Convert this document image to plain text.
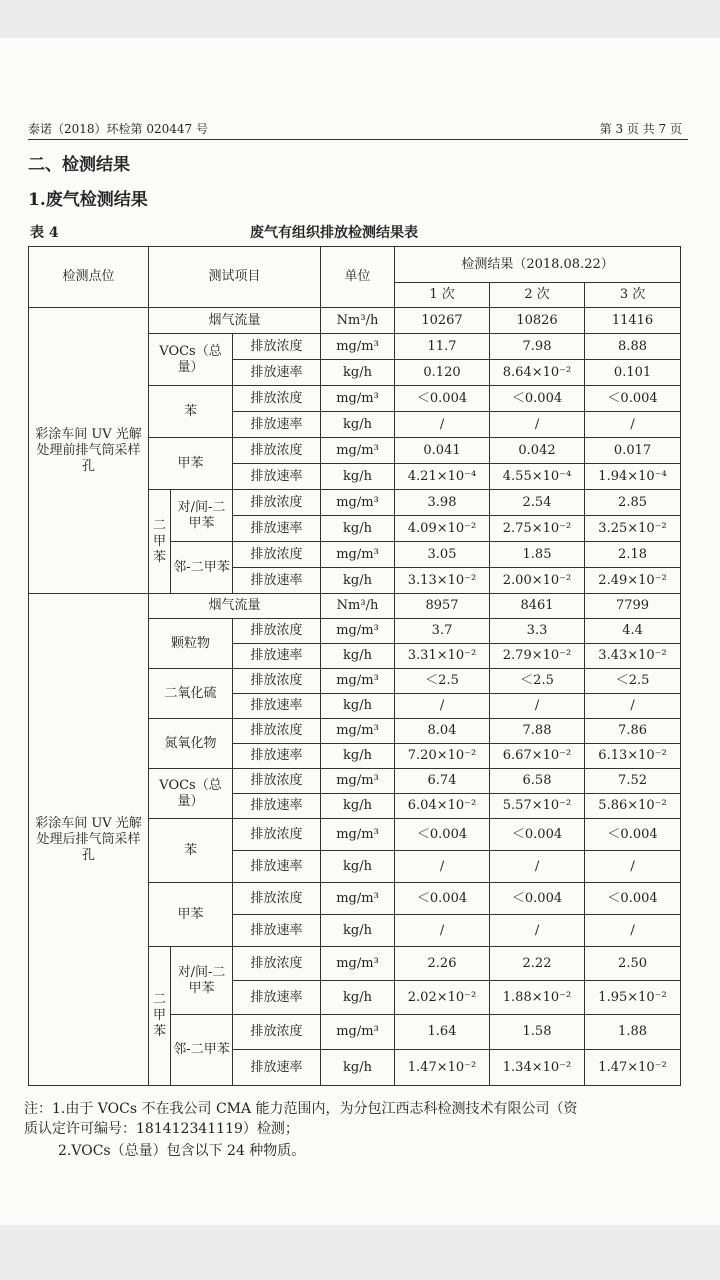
泰诺（2018）环检第 020447 号	第 3 页 共 7 页
二、检测结果
1.废气检测结果
表 4	废气有组织排放检测结果表
检测点位	测试项目			单位	检测结果（2018.08.22）		
					1 次	2 次	3 次
彩涂车间 UV 光解处理前排气筒采样孔	烟气流量			Nm³/h	10267	10826	11416
	VOCs（总量）		排放浓度	mg/m³	11.7	7.98	8.88
			排放速率	kg/h	0.120	8.64×10⁻²	0.101
	苯		排放浓度	mg/m³	＜0.004	＜0.004	＜0.004
			排放速率	kg/h	/	/	/
	甲苯		排放浓度	mg/m³	0.041	0.042	0.017
			排放速率	kg/h	4.21×10⁻⁴	4.55×10⁻⁴	1.94×10⁻⁴
	二甲苯	对/间-二甲苯	排放浓度	mg/m³	3.98	2.54	2.85
			排放速率	kg/h	4.09×10⁻²	2.75×10⁻²	3.25×10⁻²
		邻-二甲苯	排放浓度	mg/m³	3.05	1.85	2.18
			排放速率	kg/h	3.13×10⁻²	2.00×10⁻²	2.49×10⁻²
彩涂车间 UV 光解处理后排气筒采样孔	烟气流量			Nm³/h	8957	8461	7799
	颗粒物		排放浓度	mg/m³	3.7	3.3	4.4
			排放速率	kg/h	3.31×10⁻²	2.79×10⁻²	3.43×10⁻²
	二氧化硫		排放浓度	mg/m³	＜2.5	＜2.5	＜2.5
			排放速率	kg/h	/	/	/
	氮氧化物		排放浓度	mg/m³	8.04	7.88	7.86
			排放速率	kg/h	7.20×10⁻²	6.67×10⁻²	6.13×10⁻²
	VOCs（总量）		排放浓度	mg/m³	6.74	6.58	7.52
			排放速率	kg/h	6.04×10⁻²	5.57×10⁻²	5.86×10⁻²
	苯		排放浓度	mg/m³	＜0.004	＜0.004	＜0.004
			排放速率	kg/h	/	/	/
	甲苯		排放浓度	mg/m³	＜0.004	＜0.004	＜0.004
			排放速率	kg/h	/	/	/
	二甲苯	对/间-二甲苯	排放浓度	mg/m³	2.26	2.22	2.50
			排放速率	kg/h	2.02×10⁻²	1.88×10⁻²	1.95×10⁻²
		邻-二甲苯	排放浓度	mg/m³	1.64	1.58	1.88
			排放速率	kg/h	1.47×10⁻²	1.34×10⁻²	1.47×10⁻²
注：1.由于 VOCs 不在我公司 CMA 能力范围内，为分包江西志科检测技术有限公司（资
质认定许可编号：181412341119）检测；
2.VOCs（总量）包含以下 24 种物质。
